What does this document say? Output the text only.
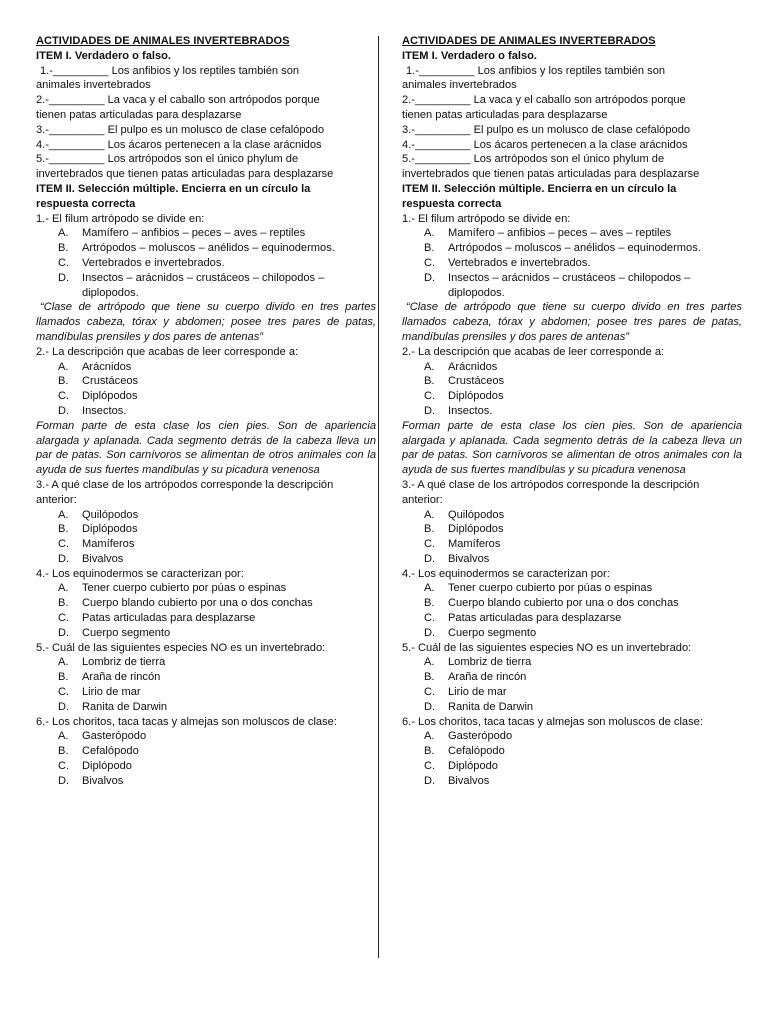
ACTIVIDADES DE ANIMALES INVERTEBRADOS

ITEM I. Verdadero o falso.

1.-_________ Los anfibios y los reptiles también son

animales invertebrados

2.-_________ La vaca y el caballo son artrópodos porque

tienen patas articuladas para desplazarse

3.-_________ El pulpo es un molusco de clase cefalópodo

4.-_________ Los ácaros pertenecen a la clase arácnidos

5.-_________ Los artrópodos son el único phylum de

invertebrados que tienen patas articuladas para desplazarse

ITEM II. Selección múltiple. Encierra en un círculo la

respuesta correcta

1.- El filum artrópodo se divide en:

A.	Mamífero – anfibios – peces – aves – reptiles
B.	Artrópodos – moluscos – anélidos – equinodermos.
C.	Vertebrados e invertebrados.
D.	Insectos – arácnidos – crustáceos – chilopodos –

diplopodos.

“Clase de artrópodo que tiene su cuerpo divido en tres partes llamados cabeza, tórax y abdomen; posee tres pares de patas, mandíbulas prensiles y dos pares de antenas”

2.- La descripción que acabas de leer corresponde a:

A.	Arácnidos
B.	Crustáceos
C.	Diplópodos
D.	Insectos.

Forman parte de esta clase los cien pies. Son de apariencia alargada y aplanada. Cada segmento detrás de la cabeza lleva un par de patas. Son carnívoros se alimentan de otros animales con la ayuda de sus fuertes mandíbulas y su picadura venenosa

3.- A qué clase de los artrópodos corresponde la descripción anterior:

A.	Quilópodos
B.	Diplópodos
C.	Mamíferos
D.	Bivalvos

4.- Los equinodermos se caracterizan por:

A.	Tener cuerpo cubierto por púas o espinas
B.	Cuerpo blando cubierto por una o dos conchas
C.	Patas articuladas para desplazarse
D.	Cuerpo segmento

5.- Cuál de las siguientes especies NO es un invertebrado:

A.	Lombriz de tierra
B.	Araña de rincón
C.	Lirio de mar
D.	Ranita de Darwin

6.- Los choritos, taca tacas y almejas son moluscos de clase:

A.	Gasterópodo
B.	Cefalópodo
C.	Diplópodo
D.	Bivalvos

ACTIVIDADES DE ANIMALES INVERTEBRADOS

ITEM I. Verdadero o falso.

1.-_________ Los anfibios y los reptiles también son

animales invertebrados

2.-_________ La vaca y el caballo son artrópodos porque

tienen patas articuladas para desplazarse

3.-_________ El pulpo es un molusco de clase cefalópodo

4.-_________ Los ácaros pertenecen a la clase arácnidos

5.-_________ Los artrópodos son el único phylum de

invertebrados que tienen patas articuladas para desplazarse

ITEM II. Selección múltiple. Encierra en un círculo la

respuesta correcta

1.- El filum artrópodo se divide en:

A.	Mamífero – anfibios – peces – aves – reptiles
B.	Artrópodos – moluscos – anélidos – equinodermos.
C.	Vertebrados e invertebrados.
D.	Insectos – arácnidos – crustáceos – chilopodos –

diplopodos.

“Clase de artrópodo que tiene su cuerpo divido en tres partes llamados cabeza, tórax y abdomen; posee tres pares de patas, mandíbulas prensiles y dos pares de antenas”

2.- La descripción que acabas de leer corresponde a:

A.	Arácnidos
B.	Crustáceos
C.	Diplópodos
D.	Insectos.

Forman parte de esta clase los cien pies. Son de apariencia alargada y aplanada. Cada segmento detrás de la cabeza lleva un par de patas. Son carnívoros se alimentan de otros animales con la ayuda de sus fuertes mandíbulas y su picadura venenosa

3.- A qué clase de los artrópodos corresponde la descripción anterior:

A.	Quilópodos
B.	Diplópodos
C.	Mamíferos
D.	Bivalvos

4.- Los equinodermos se caracterizan por:

A.	Tener cuerpo cubierto por púas o espinas
B.	Cuerpo blando cubierto por una o dos conchas
C.	Patas articuladas para desplazarse
D.	Cuerpo segmento

5.- Cuál de las siguientes especies NO es un invertebrado:

A.	Lombriz de tierra
B.	Araña de rincón
C.	Lirio de mar
D.	Ranita de Darwin

6.- Los choritos, taca tacas y almejas son moluscos de clase:

A.	Gasterópodo
B.	Cefalópodo
C.	Diplópodo
D.	Bivalvos
